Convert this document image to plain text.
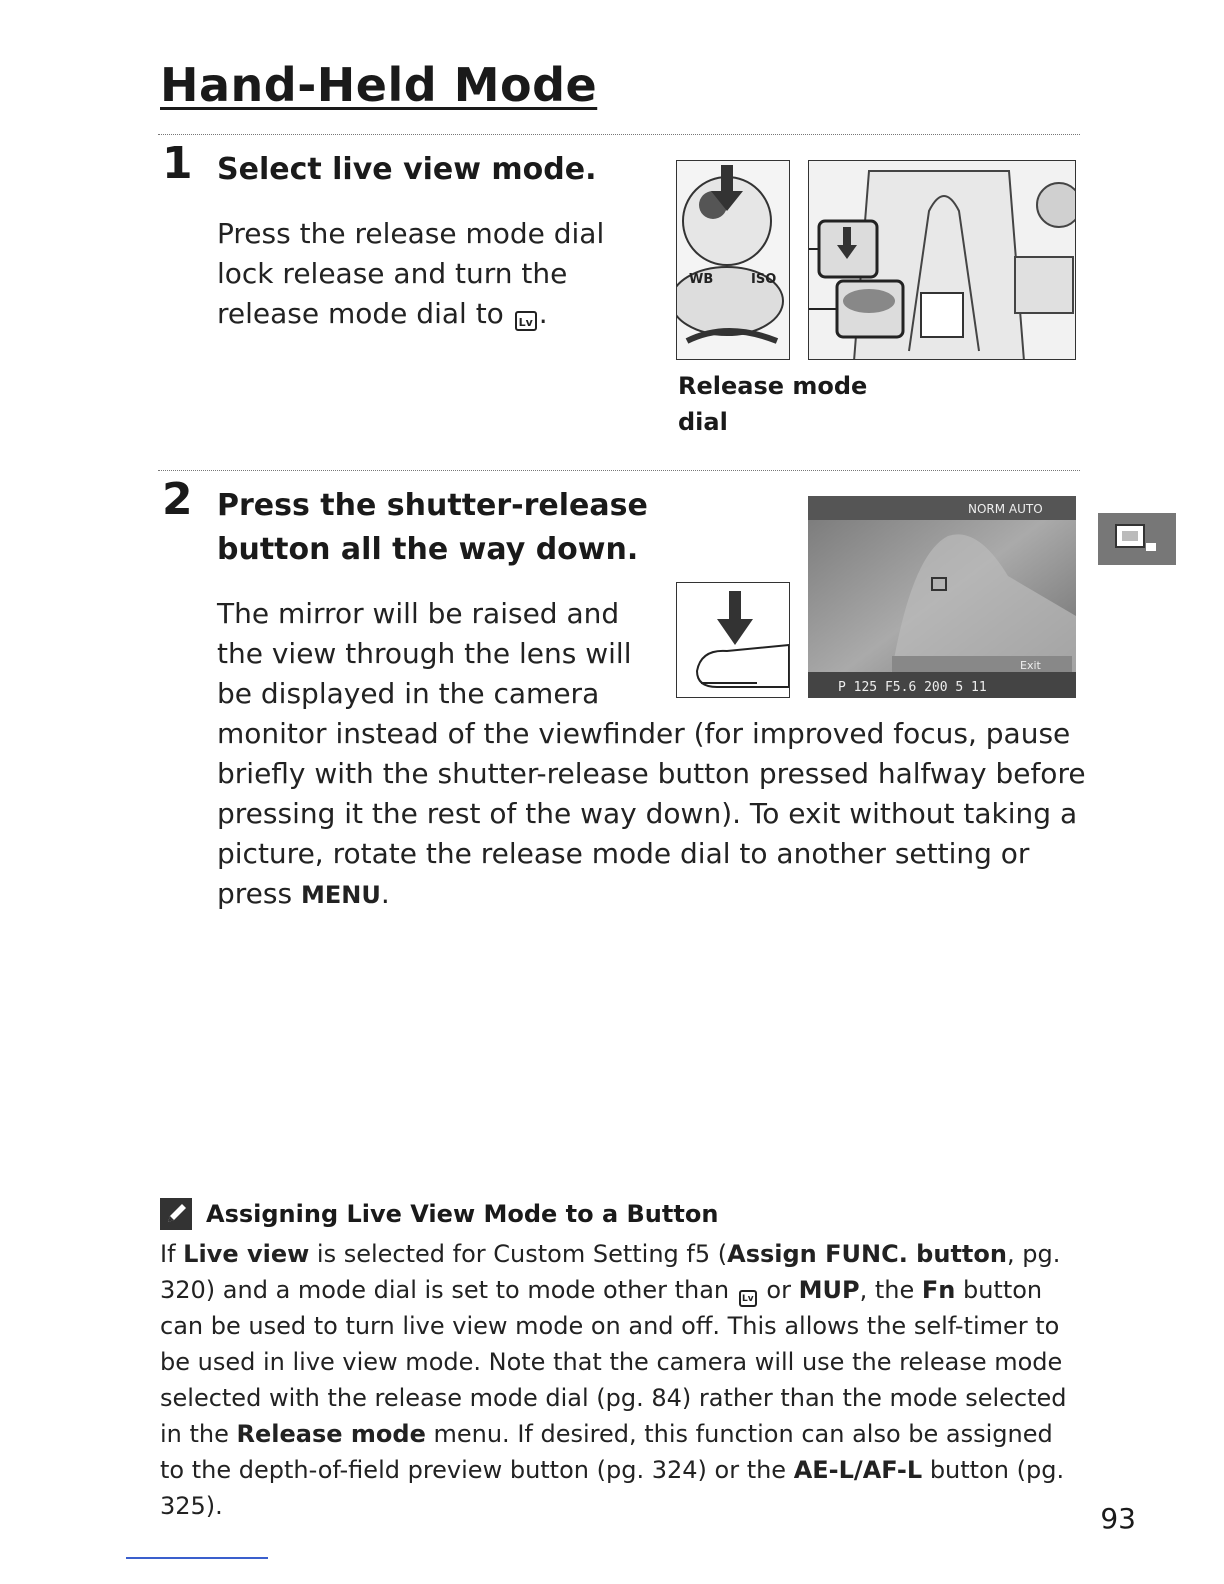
Hand-Held Mode
1 Select live view mode.
Press the release mode dial lock release and turn the release mode dial to Lv .
WB	ISO
Release mode
dial
2 Press the shutter-release
button all the way down.
The mirror will be raised and
the view through the lens will
be displayed in the camera
monitor instead of the viewfinder (for improved focus, pause
briefly with the shutter-release button pressed halfway before
pressing it the rest of the way down). To exit without taking a
picture, rotate the release mode dial to another setting or
press MENU.
NORM AUTO
Exit
P 125 F5.6 200 5 11
Assigning Live View Mode to a Button
If Live view is selected for Custom Setting f5 (Assign FUNC. button, pg. 320) and a mode dial is set to mode other than Lv or MUP, the Fn button can be used to turn live view mode on and off. This allows the self-timer to be used in live view mode. Note that the camera will use the release mode selected with the release mode dial (pg. 84) rather than the mode selected in the Release mode menu. If desired, this function can also be assigned to the depth-of-field preview button (pg. 324) or the AE-L/AF-L button (pg. 325).	93
